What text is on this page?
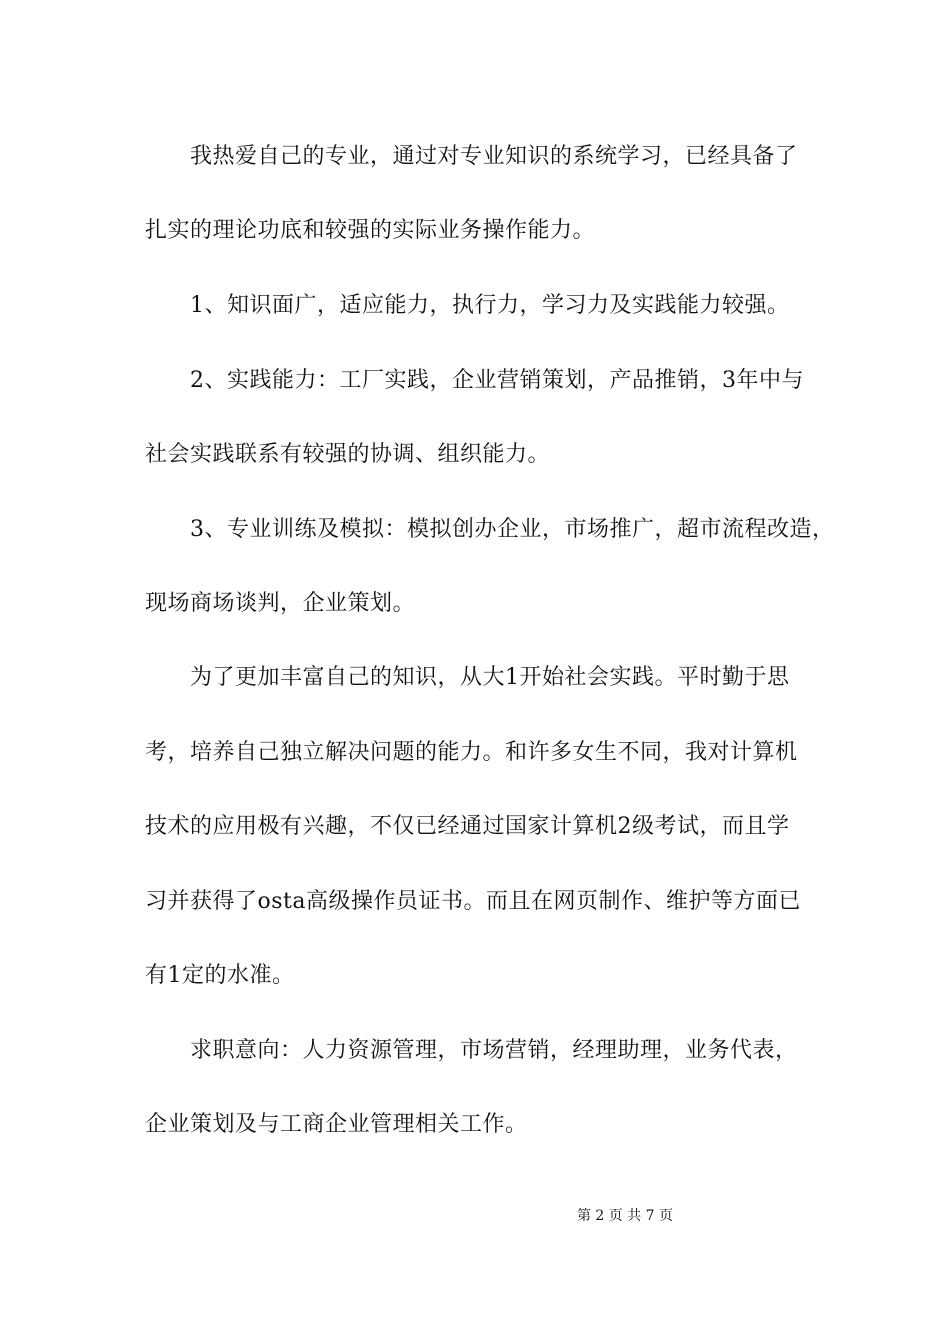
我热爱自己的专业，通过对专业知识的系统学习，已经具备了
扎实的理论功底和较强的实际业务操作能力。
1、知识面广，适应能力，执行力，学习力及实践能力较强。
2、实践能力：工厂实践，企业营销策划，产品推销，3年中与
社会实践联系有较强的协调、组织能力。
3、专业训练及模拟：模拟创办企业，市场推广，超市流程改造，
现场商场谈判，企业策划。
为了更加丰富自己的知识，从大1开始社会实践。平时勤于思
考，培养自己独立解决问题的能力。和许多女生不同，我对计算机
技术的应用极有兴趣，不仅已经通过国家计算机2级考试，而且学
习并获得了osta高级操作员证书。而且在网页制作、维护等方面已
有1定的水准。
求职意向：人力资源管理，市场营销，经理助理，业务代表，
企业策划及与工商企业管理相关工作。
第 2 页 共 7 页
